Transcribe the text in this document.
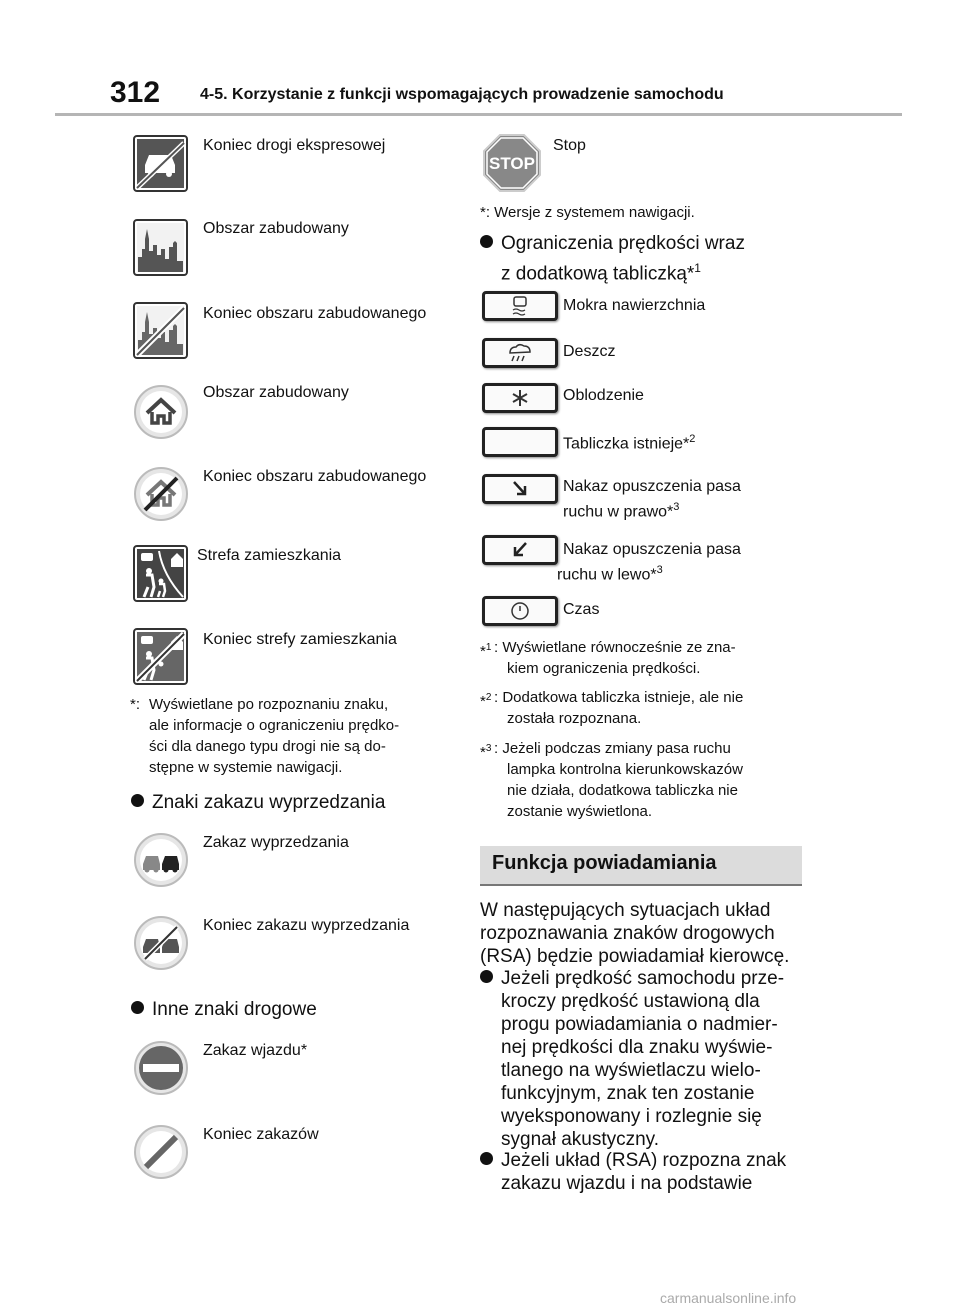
312 4-5. Korzystanie z funkcji wspomagających prowadzenie samochodu
Koniec drogi ekspresowej
Obszar zabudowany
Koniec obszaru zabudowanego
Obszar zabudowany
Koniec obszaru zabudowanego
Strefa zamieszkania
Koniec strefy zamieszkania
*: Wyświetlane po rozpoznaniu znaku,
ale informacje o ograniczeniu prędko-
ści dla danego typu drogi nie są do-
stępne w systemie nawigacji.
Znaki zakazu wyprzedzania
Zakaz wyprzedzania
Koniec zakazu wyprzedzania
Inne znaki drogowe
Zakaz wjazdu*
Koniec zakazów
STOP
Stop
*: Wersje z systemem nawigacji.
Ograniczenia prędkości wraz
z dodatkową tabliczką*$^1$
Mokra nawierzchnia
Deszcz
Oblodzenie
Tabliczka istnieje*$^2$
Nakaz opuszczenia pasa
ruchu w prawo*$^3$
Nakaz opuszczenia pasa
ruchu w lewo*$^3$
Czas
*$^1$ : Wyświetlane równocześnie ze zna-
kiem ograniczenia prędkości.
*$^2$ : Dodatkowa tabliczka istnieje, ale nie
została rozpoznana.
*$^3$ : Jeżeli podczas zmiany pasa ruchu
lampka kontrolna kierunkowskazów
nie działa, dodatkowa tabliczka nie
zostanie wyświetlona.
Funkcja powiadamiania
W następujących sytuacjach układ
rozpoznawania znaków drogowych
(RSA) będzie powiadamiał kierowcę.
Jeżeli prędkość samochodu prze-
kroczy prędkość ustawioną dla
progu powiadamiania o nadmier-
nej prędkości dla znaku wyświe-
tlanego na wyświetlaczu wielo-
funkcyjnym, znak ten zostanie
wyeksponowany i rozlegnie się
sygnał akustyczny.
Jeżeli układ (RSA) rozpozna znak
zakazu wjazdu i na podstawie
carmanualsonline.info
